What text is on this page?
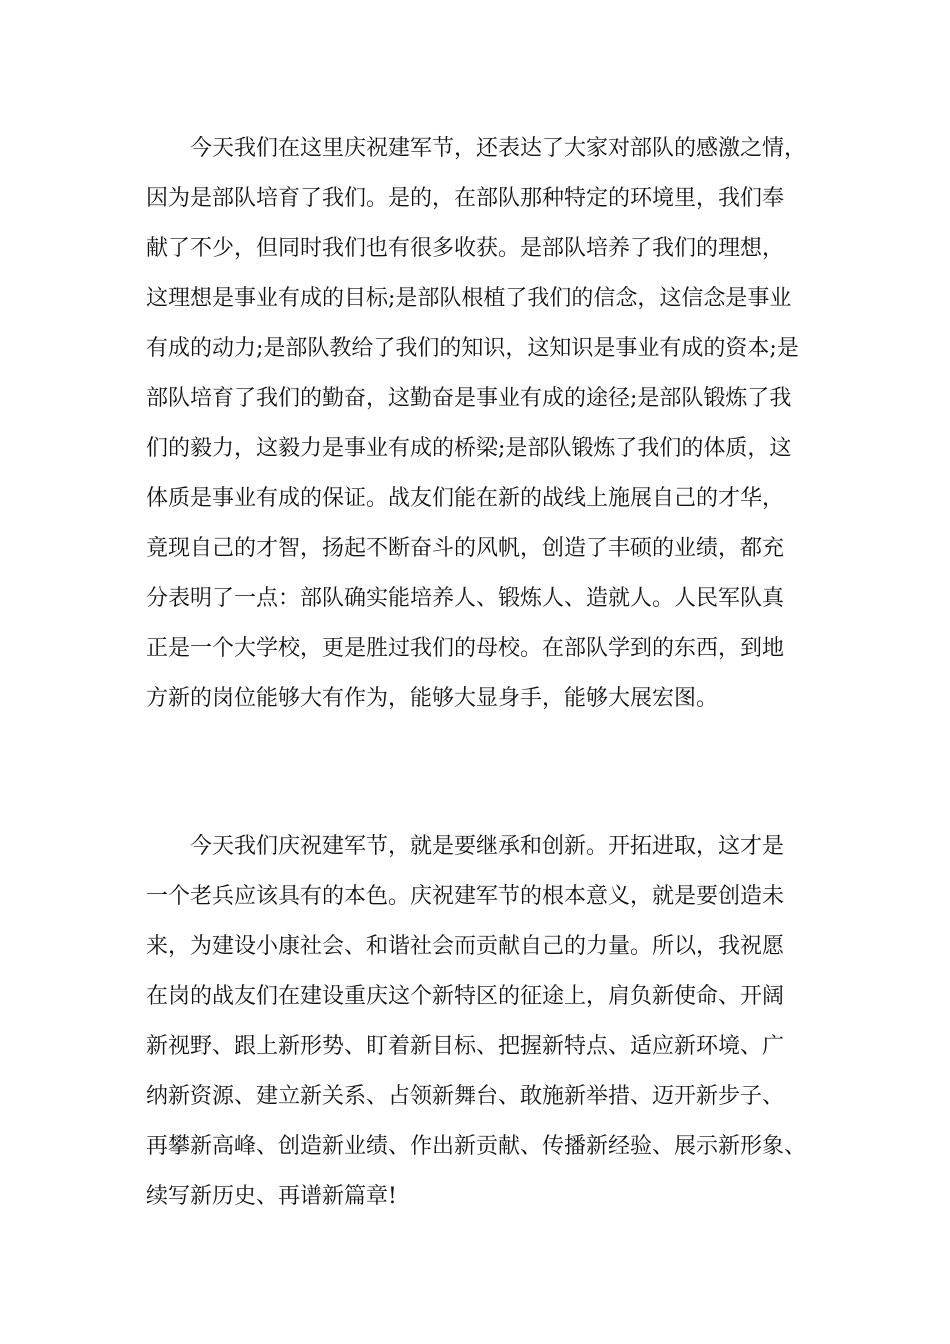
今天我们在这里庆祝建军节，还表达了大家对部队的感激之情，
因为是部队培育了我们。是的，在部队那种特定的环境里，我们奉
献了不少，但同时我们也有很多收获。是部队培养了我们的理想，
这理想是事业有成的目标;是部队根植了我们的信念，这信念是事业
有成的动力;是部队教给了我们的知识，这知识是事业有成的资本;是
部队培育了我们的勤奋，这勤奋是事业有成的途径;是部队锻炼了我
们的毅力，这毅力是事业有成的桥梁;是部队锻炼了我们的体质，这
体质是事业有成的保证。战友们能在新的战线上施展自己的才华，
竟现自己的才智，扬起不断奋斗的风帆，创造了丰硕的业绩，都充
分表明了一点：部队确实能培养人、锻炼人、造就人。人民军队真
正是一个大学校，更是胜过我们的母校。在部队学到的东西，到地
方新的岗位能够大有作为，能够大显身手，能够大展宏图。
今天我们庆祝建军节，就是要继承和创新。开拓进取，这才是
一个老兵应该具有的本色。庆祝建军节的根本意义，就是要创造未
来，为建设小康社会、和谐社会而贡献自己的力量。所以，我祝愿
在岗的战友们在建设重庆这个新特区的征途上，肩负新使命、开阔
新视野、跟上新形势、盯着新目标、把握新特点、适应新环境、广
纳新资源、建立新关系、占领新舞台、敢施新举措、迈开新步子、
再攀新高峰、创造新业绩、作出新贡献、传播新经验、展示新形象、
续写新历史、再谱新篇章!
